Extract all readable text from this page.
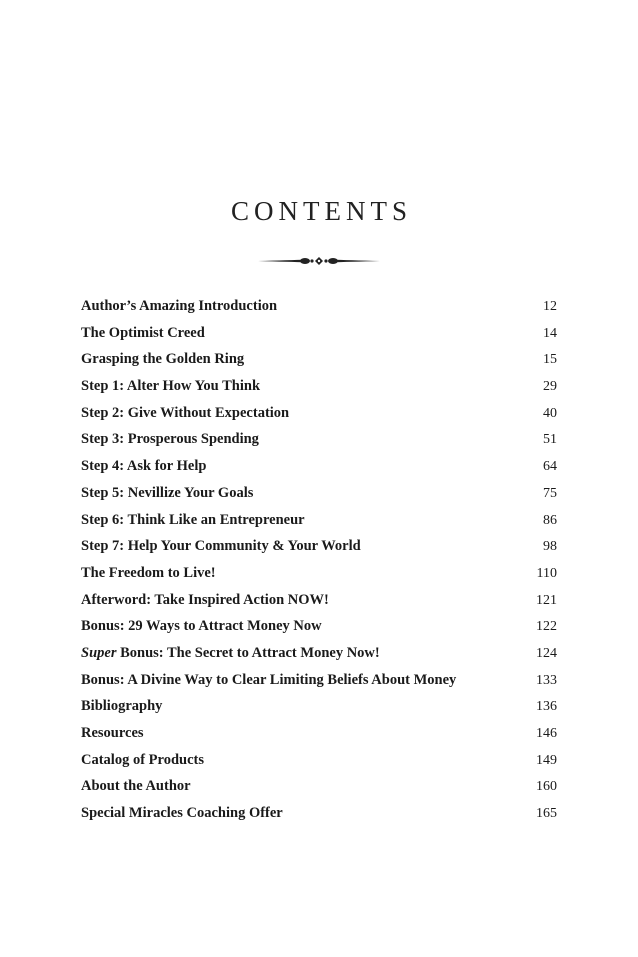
CONTENTS
Author’s Amazing Introduction	12
The Optimist Creed	14
Grasping the Golden Ring	15
Step 1: Alter How You Think	29
Step 2: Give Without Expectation	40
Step 3: Prosperous Spending	51
Step 4: Ask for Help	64
Step 5: Nevillize Your Goals	75
Step 6: Think Like an Entrepreneur	86
Step 7: Help Your Community & Your World	98
The Freedom to Live!	110
Afterword: Take Inspired Action NOW!	121
Bonus: 29 Ways to Attract Money Now	122
Super Bonus: The Secret to Attract Money Now!	124
Bonus: A Divine Way to Clear Limiting Beliefs About Money	133
Bibliography	136
Resources	146
Catalog of Products	149
About the Author	160
Special Miracles Coaching Offer	165
